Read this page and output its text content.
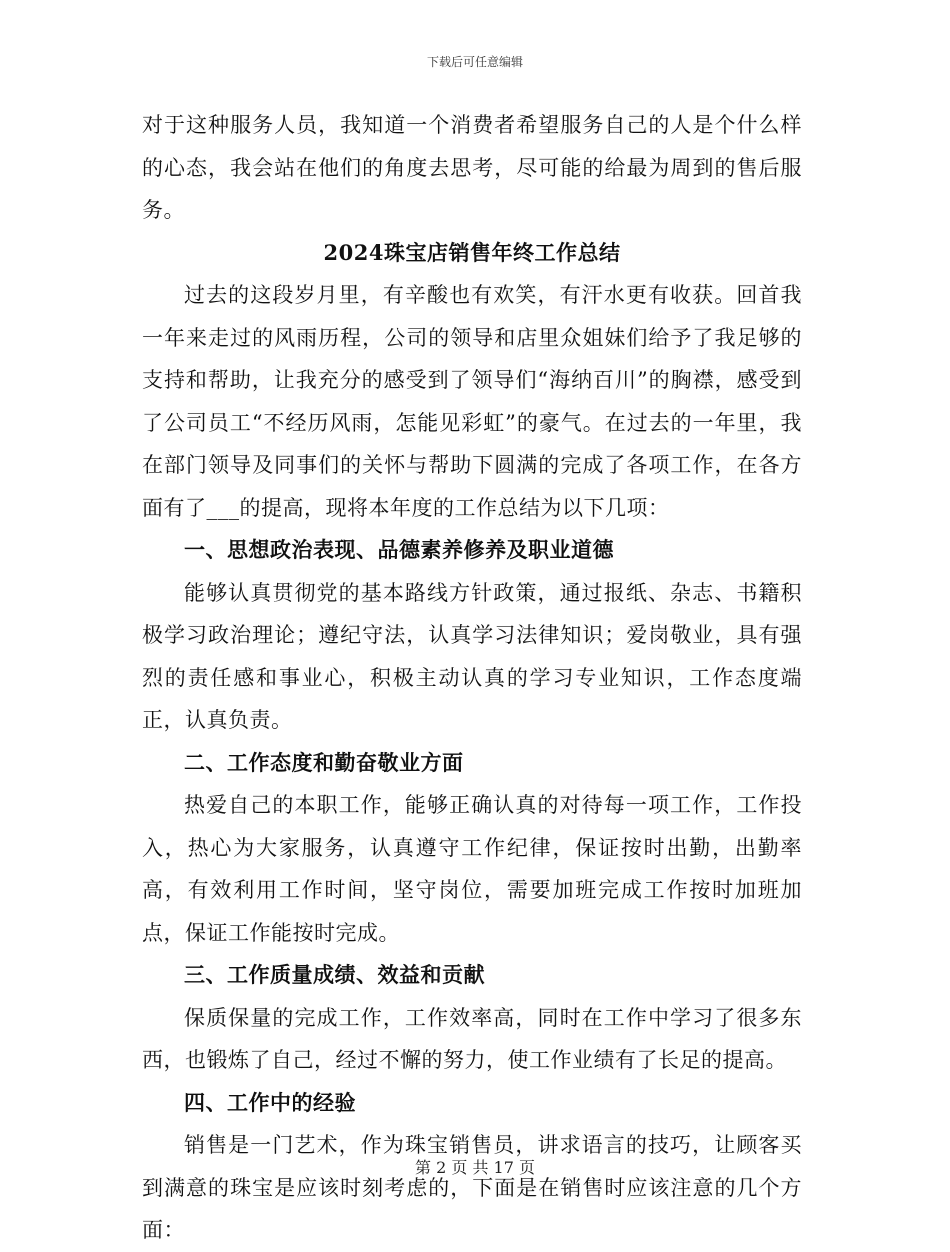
下载后可任意编辑

对于这种服务人员，我知道一个消费者希望服务自己的人是个什么样的心态，我会站在他们的角度去思考，尽可能的给最为周到的售后服务。

2024珠宝店销售年终工作总结

过去的这段岁月里，有辛酸也有欢笑，有汗水更有收获。回首我一年来走过的风雨历程，公司的领导和店里众姐妹们给予了我足够的支持和帮助，让我充分的感受到了领导们“海纳百川”的胸襟，感受到了公司员工“不经历风雨，怎能见彩虹”的豪气。在过去的一年里，我在部门领导及同事们的关怀与帮助下圆满的完成了各项工作，在各方面有了___的提高，现将本年度的工作总结为以下几项：

一、思想政治表现、品德素养修养及职业道德

能够认真贯彻党的基本路线方针政策，通过报纸、杂志、书籍积极学习政治理论；遵纪守法，认真学习法律知识；爱岗敬业，具有强烈的责任感和事业心，积极主动认真的学习专业知识，工作态度端正，认真负责。

二、工作态度和勤奋敬业方面

热爱自己的本职工作，能够正确认真的对待每一项工作，工作投入，热心为大家服务，认真遵守工作纪律，保证按时出勤，出勤率高，有效利用工作时间，坚守岗位，需要加班完成工作按时加班加点，保证工作能按时完成。

三、工作质量成绩、效益和贡献

保质保量的完成工作，工作效率高，同时在工作中学习了很多东西，也锻炼了自己，经过不懈的努力，使工作业绩有了长足的提高。

四、工作中的经验

销售是一门艺术，作为珠宝销售员，讲求语言的技巧，让顾客买到满意的珠宝是应该时刻考虑的，下面是在销售时应该注意的几个方面：

第 2 页 共 17 页
